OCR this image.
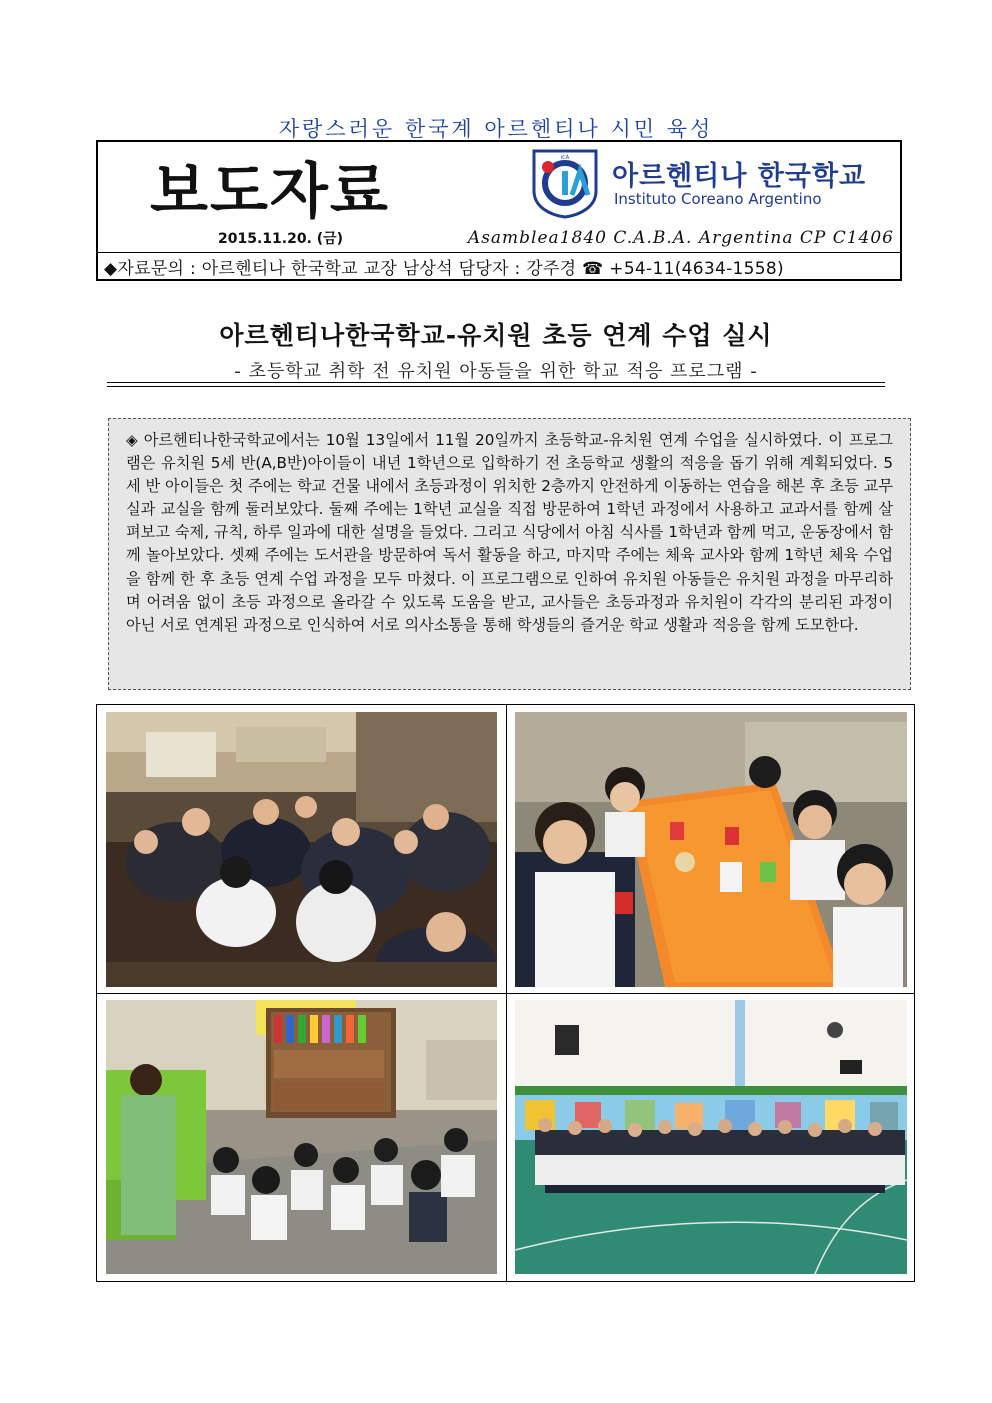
자랑스러운 한국계 아르헨티나 시민 육성
보도자료	ICA
아르헨티나 한국학교
Instituto Coreano Argentino
2015.11.20. (금)	Asamblea1840 C.A.B.A. Argentina CP C1406
◆자료문의 : 아르헨티나 한국학교 교장 남상석 담당자 : 강주경 ☎ +54-11(4634-1558)
아르헨티나한국학교-유치원 초등 연계 수업 실시
- 초등학교 취학 전 유치원 아동들을 위한 학교 적응 프로그램 -

◈ 아르헨티나한국학교에서는 10월 13일에서 11월 20일까지 초등학교-유치원 연계 수업을 실시하였다. 이 프로그램은 유치원 5세 반(A,B반)아이들이 내년 1학년으로 입학하기 전 초등학교 생활의 적응을 돕기 위해 계획되었다. 5세 반 아이들은 첫 주에는 학교 건물 내에서 초등과정이 위치한 2층까지 안전하게 이동하는 연습을 해본 후 초등 교무실과 교실을 함께 둘러보았다. 둘째 주에는 1학년 교실을 직접 방문하여 1학년 과정에서 사용하고 교과서를 함께 살펴보고 숙제, 규칙, 하루 일과에 대한 설명을 들었다. 그리고 식당에서 아침 식사를 1학년과 함께 먹고, 운동장에서 함께 놀아보았다. 셋째 주에는 도서관을 방문하여 독서 활동을 하고, 마지막 주에는 체육 교사와 함께 1학년 체육 수업을 함께 한 후 초등 연계 수업 과정을 모두 마쳤다. 이 프로그램으로 인하여 유치원 아동들은 유치원 과정을 마무리하며 어려움 없이 초등 과정으로 올라갈 수 있도록 도움을 받고, 교사들은 초등과정과 유치원이 각각의 분리된 과정이 아닌 서로 연계된 과정으로 인식하여 서로 의사소통을 통해 학생들의 즐거운 학교 생활과 적응을 함께 도모한다.
